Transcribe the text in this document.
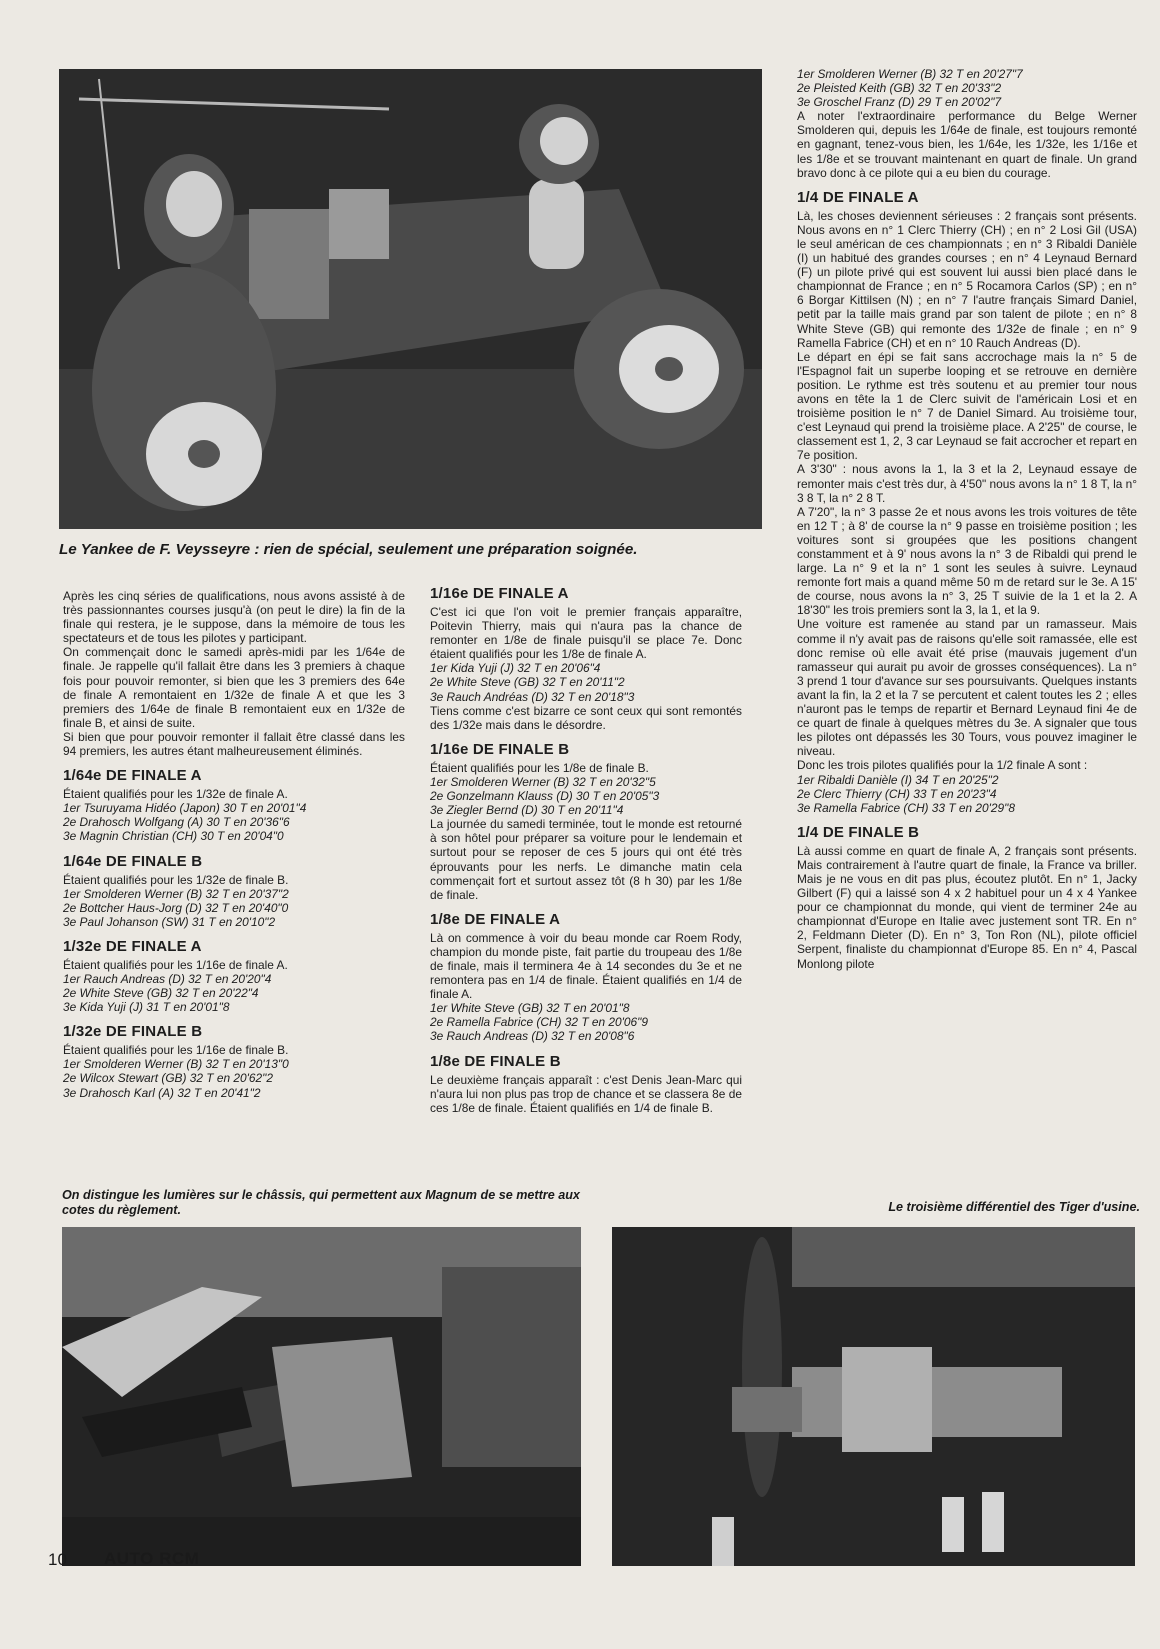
Le Yankee de F. Veysseyre : rien de spécial, seulement une préparation soignée.

Après les cinq séries de qualifications, nous avons assisté à de très passionnantes courses jusqu'à (on peut le dire) la fin de la finale qui restera, je le suppose, dans la mémoire de tous les spectateurs et de tous les pilotes y participant.

On commençait donc le samedi après-midi par les 1/64e de finale. Je rappelle qu'il fallait être dans les 3 premiers à chaque fois pour pouvoir remonter, si bien que les 3 premiers des 64e de finale A remontaient en 1/32e de finale A et que les 3 premiers des 1/64e de finale B remontaient eux en 1/32e de finale B, et ainsi de suite.

Si bien que pour pouvoir remonter il fallait être classé dans les 94 premiers, les autres étant malheureusement éliminés.

1/64e DE FINALE A

Étaient qualifiés pour les 1/32e de finale A.

1er Tsuruyama Hidéo (Japon) 30 T en 20'01"4

2e Drahosch Wolfgang (A) 30 T en 20'36"6

3e Magnin Christian (CH) 30 T en 20'04"0

1/64e DE FINALE B

Étaient qualifiés pour les 1/32e de finale B.

1er Smolderen Werner (B) 32 T en 20'37"2

2e Bottcher Haus-Jorg (D) 32 T en 20'40"0

3e Paul Johanson (SW) 31 T en 20'10"2

1/32e DE FINALE A

Étaient qualifiés pour les 1/16e de finale A.

1er Rauch Andreas (D) 32 T en 20'20"4

2e White Steve (GB) 32 T en 20'22"4

3e Kida Yuji (J) 31 T en 20'01"8

1/32e DE FINALE B

Étaient qualifiés pour les 1/16e de finale B.

1er Smolderen Werner (B) 32 T en 20'13"0

2e Wilcox Stewart (GB) 32 T en 20'62"2

3e Drahosch Karl (A) 32 T en 20'41"2

1/16e DE FINALE A

C'est ici que l'on voit le premier français apparaître, Poitevin Thierry, mais qui n'aura pas la chance de remonter en 1/8e de finale puisqu'il se place 7e. Donc étaient qualifiés pour les 1/8e de finale A.

1er Kida Yuji (J) 32 T en 20'06"4

2e White Steve (GB) 32 T en 20'11"2

3e Rauch Andréas (D) 32 T en 20'18"3

Tiens comme c'est bizarre ce sont ceux qui sont remontés des 1/32e mais dans le désordre.

1/16e DE FINALE B

Étaient qualifiés pour les 1/8e de finale B.

1er Smolderen Werner (B) 32 T en 20'32"5

2e Gonzelmann Klauss (D) 30 T en 20'05"3

3e Ziegler Bernd (D) 30 T en 20'11"4

La journée du samedi terminée, tout le monde est retourné à son hôtel pour préparer sa voiture pour le lendemain et surtout pour se reposer de ces 5 jours qui ont été très éprouvants pour les nerfs. Le dimanche matin cela commençait fort et surtout assez tôt (8 h 30) par les 1/8e de finale.

1/8e DE FINALE A

Là on commence à voir du beau monde car Roem Rody, champion du monde piste, fait partie du troupeau des 1/8e de finale, mais il terminera 4e à 14 secondes du 3e et ne remontera pas en 1/4 de finale. Étaient qualifiés en 1/4 de finale A.

1er White Steve (GB) 32 T en 20'01"8

2e Ramella Fabrice (CH) 32 T en 20'06"9

3e Rauch Andreas (D) 32 T en 20'08"6

1/8e DE FINALE B

Le deuxième français apparaît : c'est Denis Jean-Marc qui n'aura lui non plus pas trop de chance et se classera 8e de ces 1/8e de finale. Étaient qualifiés en 1/4 de finale B.

1er Smolderen Werner (B) 32 T en 20'27"7

2e Pleisted Keith (GB) 32 T en 20'33"2

3e Groschel Franz (D) 29 T en 20'02"7

A noter l'extraordinaire performance du Belge Werner Smolderen qui, depuis les 1/64e de finale, est toujours remonté en gagnant, tenez-vous bien, les 1/64e, les 1/32e, les 1/16e et les 1/8e et se trouvant maintenant en quart de finale. Un grand bravo donc à ce pilote qui a eu bien du courage.

1/4 DE FINALE A

Là, les choses deviennent sérieuses : 2 français sont présents. Nous avons en n° 1 Clerc Thierry (CH) ; en n° 2 Losi Gil (USA) le seul américan de ces championnats ; en n° 3 Ribaldi Danièle (I) un habitué des grandes courses ; en n° 4 Leynaud Bernard (F) un pilote privé qui est souvent lui aussi bien placé dans le championnat de France ; en n° 5 Rocamora Carlos (SP) ; en n° 6 Borgar Kittilsen (N) ; en n° 7 l'autre français Simard Daniel, petit par la taille mais grand par son talent de pilote ; en n° 8 White Steve (GB) qui remonte des 1/32e de finale ; en n° 9 Ramella Fabrice (CH) et en n° 10 Rauch Andreas (D).

Le départ en épi se fait sans accrochage mais la n° 5 de l'Espagnol fait un superbe looping et se retrouve en dernière position. Le rythme est très soutenu et au premier tour nous avons en tête la 1 de Clerc suivit de l'américain Losi et en troisième position le n° 7 de Daniel Simard. Au troisième tour, c'est Leynaud qui prend la troisième place. A 2'25" de course, le classement est 1, 2, 3 car Leynaud se fait accrocher et repart en 7e position.

A 3'30" : nous avons la 1, la 3 et la 2, Leynaud essaye de remonter mais c'est très dur, à 4'50" nous avons la n° 1 8 T, la n° 3 8 T, la n° 2 8 T.

A 7'20", la n° 3 passe 2e et nous avons les trois voitures de tête en 12 T ; à 8' de course la n° 9 passe en troisième position ; les voitures sont si groupées que les positions changent constamment et à 9' nous avons la n° 3 de Ribaldi qui prend le large. La n° 9 et la n° 1 sont les seules à suivre. Leynaud remonte fort mais a quand même 50 m de retard sur le 3e. A 15' de course, nous avons la n° 3, 25 T suivie de la 1 et la 2. A 18'30" les trois premiers sont la 3, la 1, et la 9.

Une voiture est ramenée au stand par un ramasseur. Mais comme il n'y avait pas de raisons qu'elle soit ramassée, elle est donc remise où elle avait été prise (mauvais jugement d'un ramasseur qui aurait pu avoir de grosses conséquences). La n° 3 prend 1 tour d'avance sur ses poursuivants. Quelques instants avant la fin, la 2 et la 7 se percutent et calent toutes les 2 ; elles n'auront pas le temps de repartir et Bernard Leynaud fini 4e de ce quart de finale à quelques mètres du 3e. A signaler que tous les pilotes ont dépassés les 30 Tours, vous pouvez imaginer le niveau.

Donc les trois pilotes qualifiés pour la 1/2 finale A sont :

1er Ribaldi Danièle (I) 34 T en 20'25"2

2e Clerc Thierry (CH) 33 T en 20'23"4

3e Ramella Fabrice (CH) 33 T en 20'29"8

1/4 DE FINALE B

Là aussi comme en quart de finale A, 2 français sont présents. Mais contrairement à l'autre quart de finale, la France va briller. Mais je ne vous en dit pas plus, écoutez plutôt. En n° 1, Jacky Gilbert (F) qui a laissé son 4 x 2 habituel pour un 4 x 4 Yankee pour ce championnat du monde, qui vient de terminer 24e au championnat d'Europe en Italie avec justement sont TR. En n° 2, Feldmann Dieter (D). En n° 3, Ton Ron (NL), pilote officiel Serpent, finaliste du championnat d'Europe 85. En n° 4, Pascal Monlong pilote

On distingue les lumières sur le châssis, qui permettent aux Magnum de se mettre aux cotes du règlement.	Le troisième différentiel des Tiger d'usine.
10 AUTO RCM
